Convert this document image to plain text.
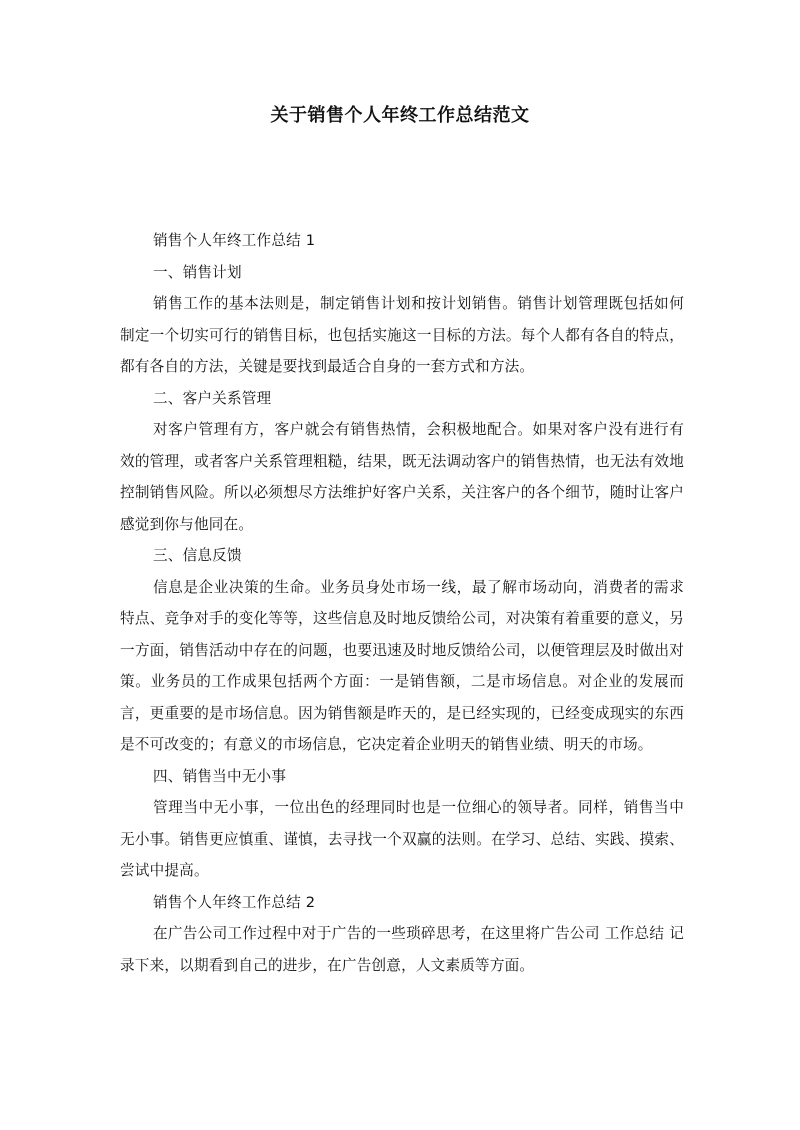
关于销售个人年终工作总结范文

销售个人年终工作总结 1

一、销售计划

销售工作的基本法则是，制定销售计划和按计划销售。销售计划管理既包括如何制定一个切实可行的销售目标，也包括实施这一目标的方法。每个人都有各自的特点，都有各自的方法，关键是要找到最适合自身的一套方式和方法。

二、客户关系管理

对客户管理有方，客户就会有销售热情，会积极地配合。如果对客户没有进行有效的管理，或者客户关系管理粗糙，结果，既无法调动客户的销售热情，也无法有效地控制销售风险。所以必须想尽方法维护好客户关系，关注客户的各个细节，随时让客户感觉到你与他同在。

三、信息反馈

信息是企业决策的生命。业务员身处市场一线，最了解市场动向，消费者的需求特点、竞争对手的变化等等，这些信息及时地反馈给公司，对决策有着重要的意义，另一方面，销售活动中存在的问题，也要迅速及时地反馈给公司，以便管理层及时做出对策。业务员的工作成果包括两个方面：一是销售额，二是市场信息。对企业的发展而言，更重要的是市场信息。因为销售额是昨天的，是已经实现的，已经变成现实的东西是不可改变的；有意义的市场信息，它决定着企业明天的销售业绩、明天的市场。

四、销售当中无小事

管理当中无小事，一位出色的经理同时也是一位细心的领导者。同样，销售当中无小事。销售更应慎重、谨慎，去寻找一个双赢的法则。在学习、总结、实践、摸索、尝试中提高。

销售个人年终工作总结 2

在广告公司工作过程中对于广告的一些琐碎思考，在这里将广告公司 工作总结 记录下来，以期看到自己的进步，在广告创意，人文素质等方面。
